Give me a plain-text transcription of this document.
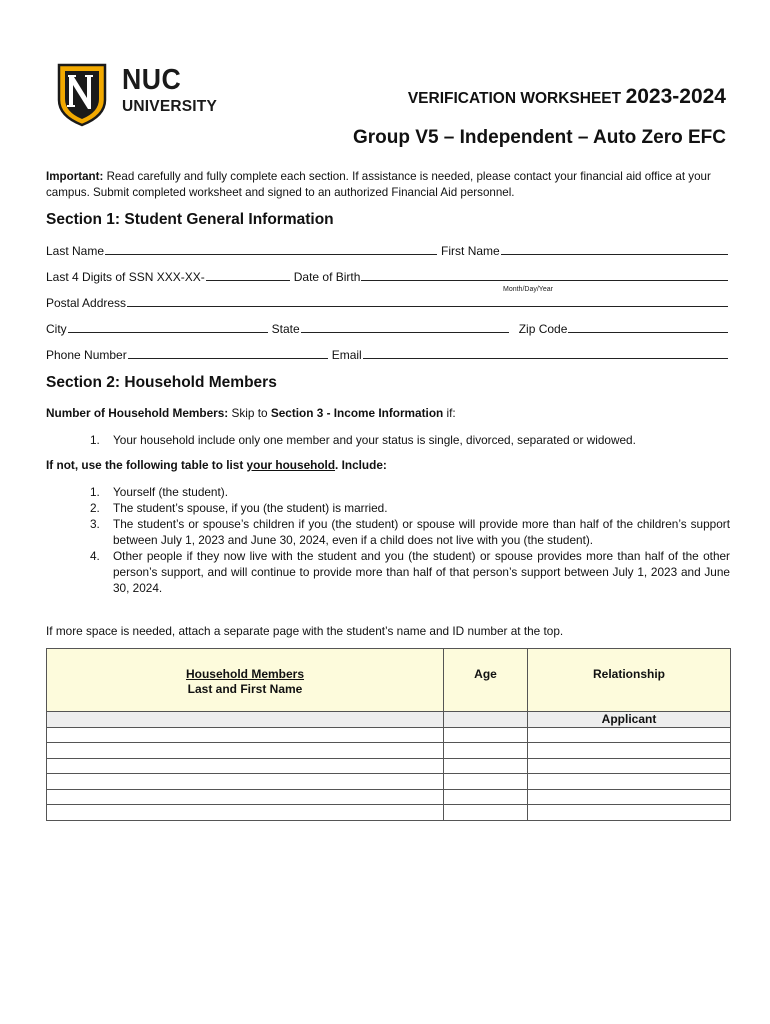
NUC
UNIVERSITY	VERIFICATION WORKSHEET 2023-2024
Group V5 – Independent – Auto Zero EFC
Important: Read carefully and fully complete each section. If assistance is needed, please contact your financial aid office at your campus. Submit completed worksheet and signed to an authorized Financial Aid personnel.
Section 1: Student General Information
Last Name	First Name
Last 4 Digits of SSN XXX-XX-	Date of Birth
Month/Day/Year
Postal Address
City	State	Zip Code
Phone Number	Email
Section 2: Household Members
Number of Household Members: Skip to Section 3 - Income Information if:
1. Your household include only one member and your status is single, divorced, separated or widowed.
If not, use the following table to list your household. Include:
1. Yourself (the student).
2. The student’s spouse, if you (the student) is married.
3. The student’s or spouse’s children if you (the student) or spouse will provide more than half of the children’s support between July 1, 2023 and June 30, 2024, even if a child does not live with you (the student).
4. Other people if they now live with the student and you (the student) or spouse provides more than half of the other person’s support, and will continue to provide more than half of that person’s support between July 1, 2023 and June 30, 2024.
If more space is needed, attach a separate page with the student’s name and ID number at the top.
Household Members
Last and First Name	Age	Relationship

		Applicant
